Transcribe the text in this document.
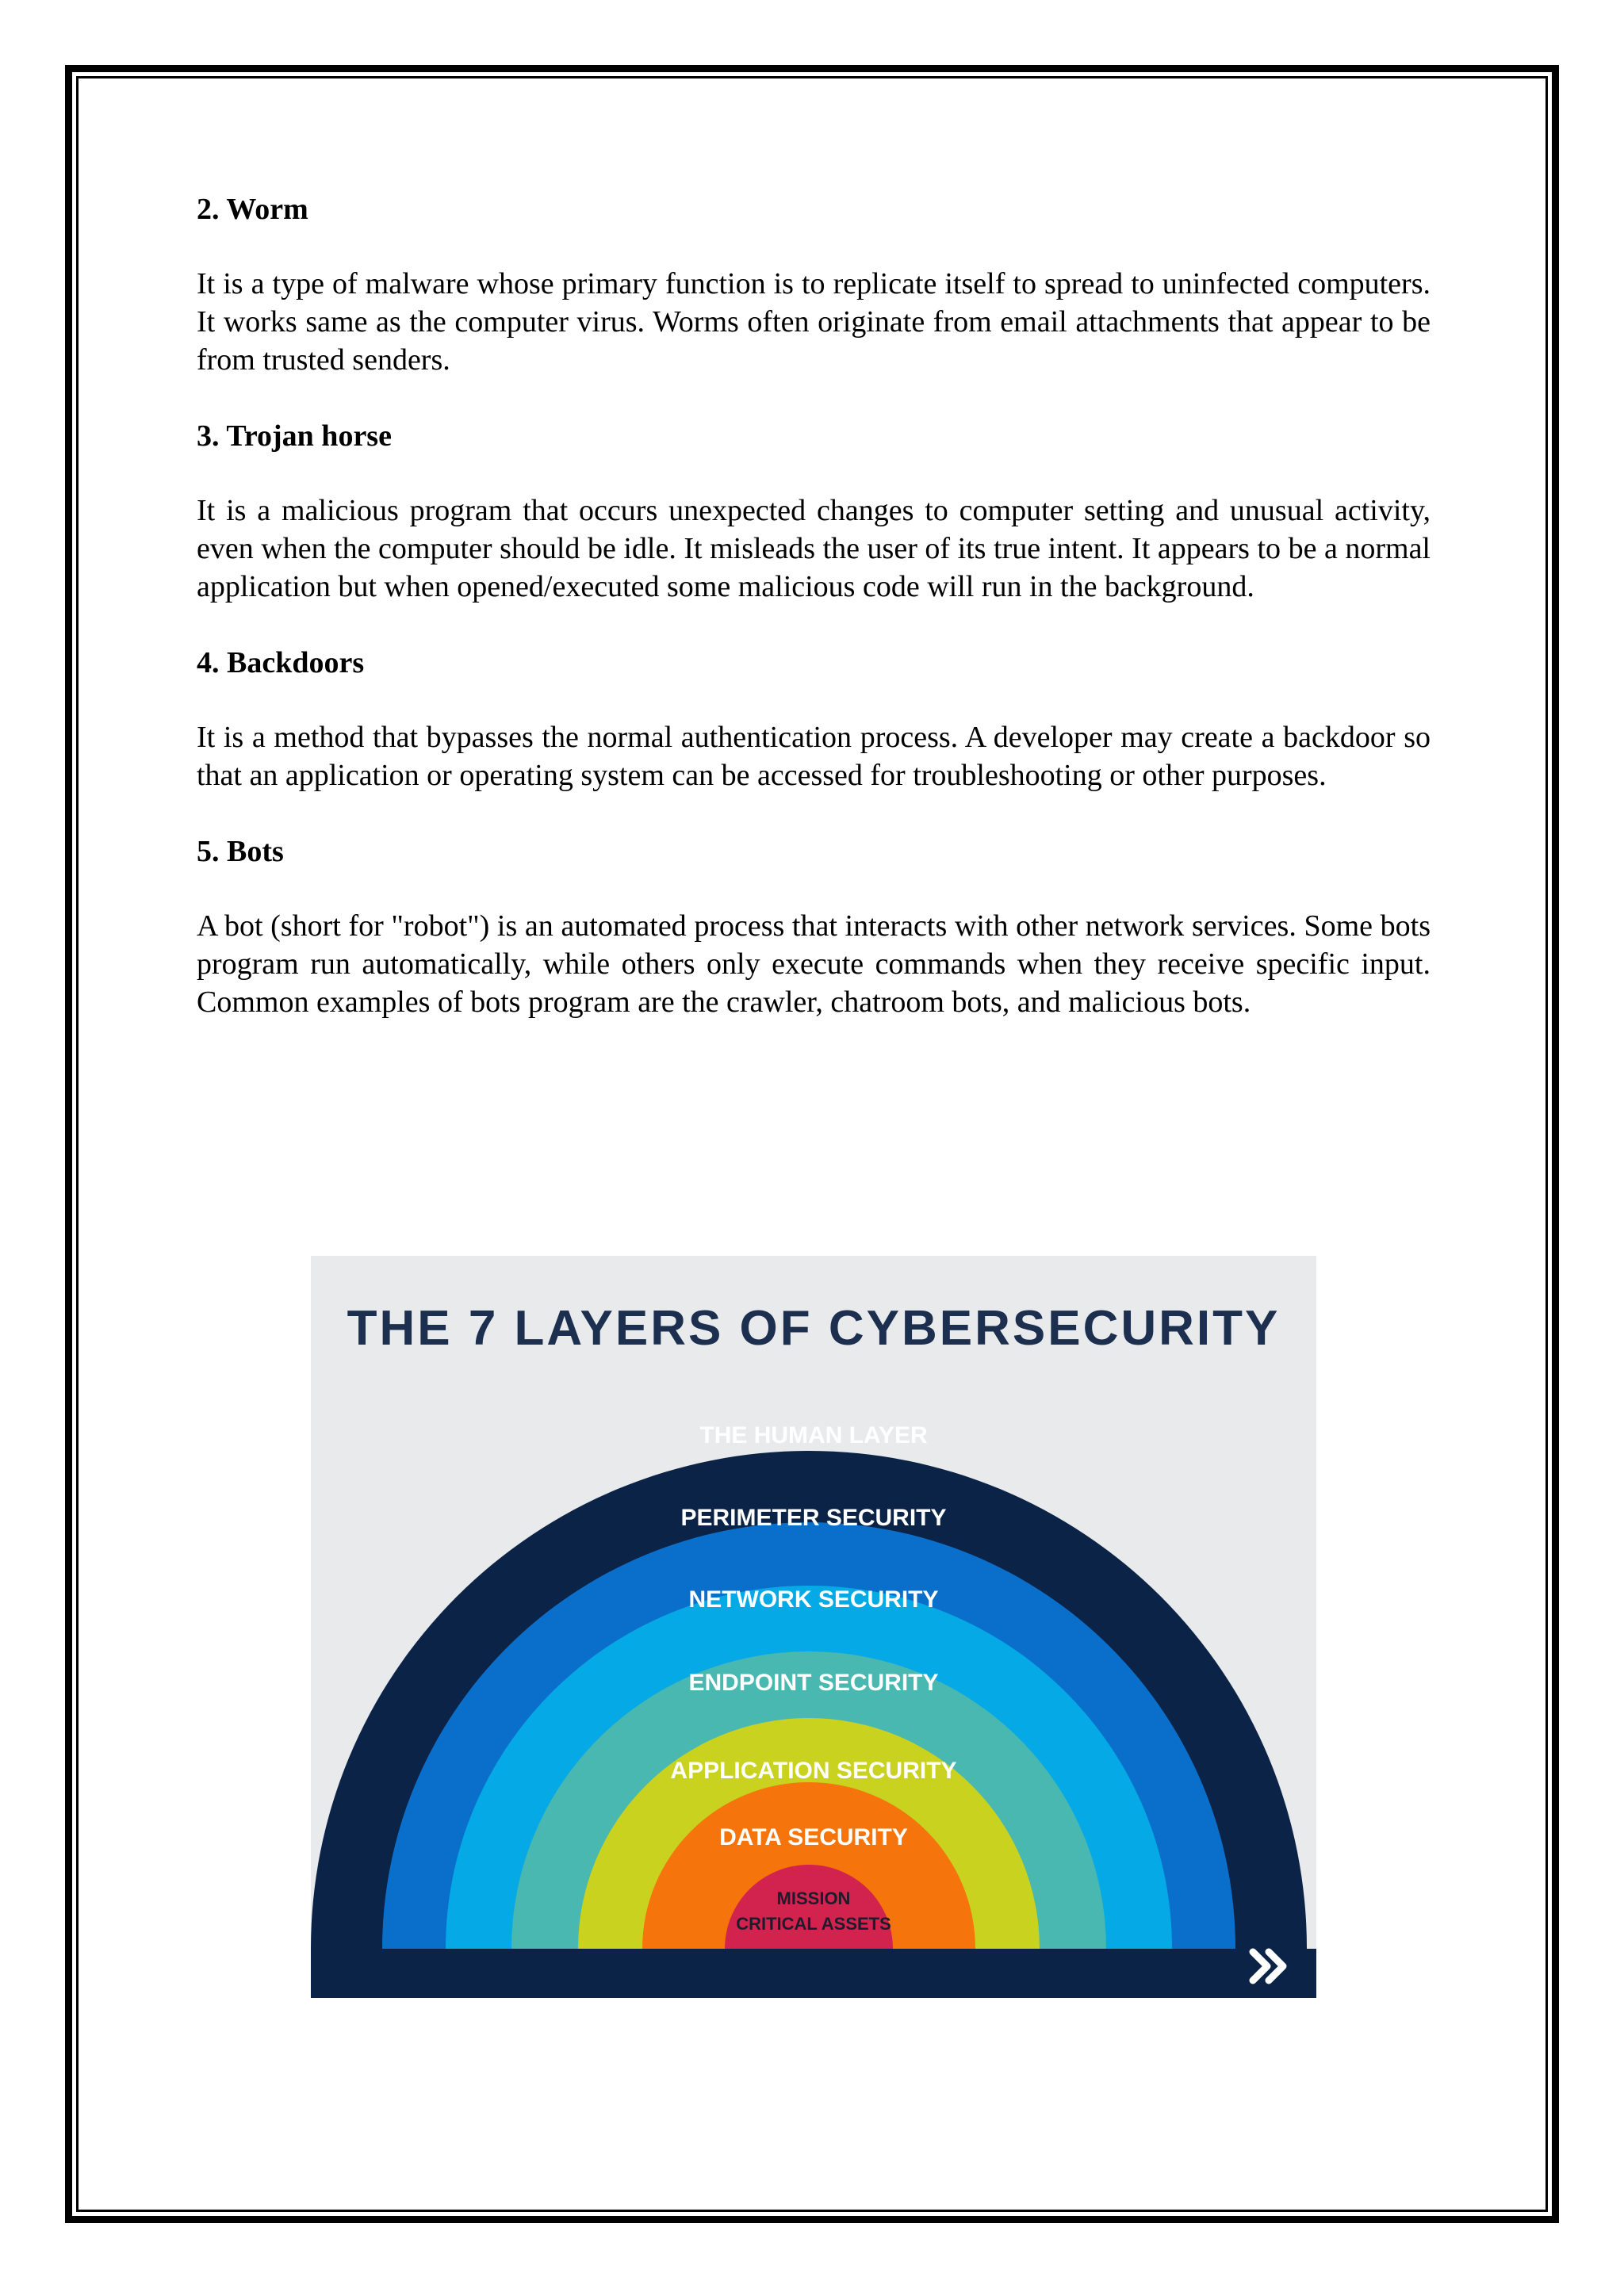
2. Worm

It is a type of malware whose primary function is to replicate itself to spread to uninfected computers. It works same as the computer virus. Worms often originate from email attachments that appear to be from trusted senders.

3. Trojan horse

It is a malicious program that occurs unexpected changes to computer setting and unusual activity, even when the computer should be idle. It misleads the user of its true intent. It appears to be a normal application but when opened/executed some malicious code will run in the background.

4. Backdoors

It is a method that bypasses the normal authentication process. A developer may create a backdoor so that an application or operating system can be accessed for troubleshooting or other purposes.

5. Bots

A bot (short for "robot") is an automated process that interacts with other network services. Some bots program run automatically, while others only execute commands when they receive specific input. Common examples of bots program are the crawler, chatroom bots, and malicious bots.

THE 7 LAYERS OF CYBERSECURITY
THE HUMAN LAYER
PERIMETER SECURITY
NETWORK SECURITY
ENDPOINT SECURITY
APPLICATION SECURITY
DATA SECURITY
MISSION
CRITICAL ASSETS
